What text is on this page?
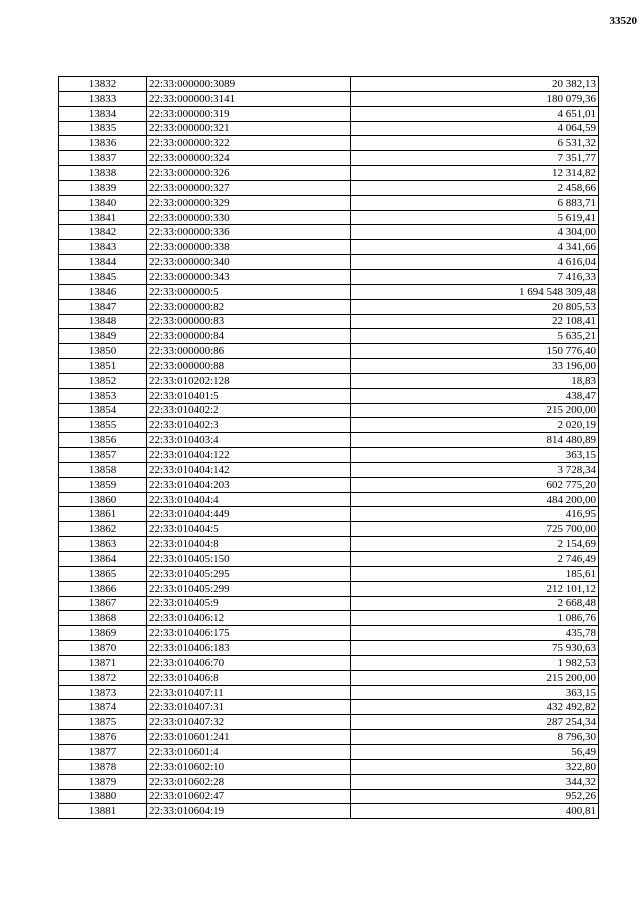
33520
13832	22:33:000000:3089	20 382,13
13833	22:33:000000:3141	180 079,36
13834	22:33:000000:319	4 651,01
13835	22:33:000000:321	4 064,59
13836	22:33:000000:322	6 531,32
13837	22:33:000000:324	7 351,77
13838	22:33:000000:326	12 314,82
13839	22:33:000000:327	2 458,66
13840	22:33:000000:329	6 883,71
13841	22:33:000000:330	5 619,41
13842	22:33:000000:336	4 304,00
13843	22:33:000000:338	4 341,66
13844	22:33:000000:340	4 616,04
13845	22:33:000000:343	7 416,33
13846	22:33:000000:5	1 694 548 309,48
13847	22:33:000000:82	20 805,53
13848	22:33:000000:83	22 108,41
13849	22:33:000000:84	5 635,21
13850	22:33:000000:86	150 776,40
13851	22:33:000000:88	33 196,00
13852	22:33:010202:128	18,83
13853	22:33:010401:5	438,47
13854	22:33:010402:2	215 200,00
13855	22:33:010402:3	2 020,19
13856	22:33:010403:4	814 480,89
13857	22:33:010404:122	363,15
13858	22:33:010404:142	3 728,34
13859	22:33:010404:203	602 775,20
13860	22:33:010404:4	484 200,00
13861	22:33:010404:449	416,95
13862	22:33:010404:5	725 700,00
13863	22:33:010404:8	2 154,69
13864	22:33:010405:150	2 746,49
13865	22:33:010405:295	185,61
13866	22:33:010405:299	212 101,12
13867	22:33:010405:9	2 668,48
13868	22:33:010406:12	1 086,76
13869	22:33:010406:175	435,78
13870	22:33:010406:183	75 930,63
13871	22:33:010406:70	1 982,53
13872	22:33:010406:8	215 200,00
13873	22:33:010407:11	363,15
13874	22:33:010407:31	432 492,82
13875	22:33:010407:32	287 254,34
13876	22:33:010601:241	8 796,30
13877	22:33:010601:4	56,49
13878	22:33:010602:10	322,80
13879	22:33:010602:28	344,32
13880	22:33:010602:47	952,26
13881	22:33:010604:19	400,81
